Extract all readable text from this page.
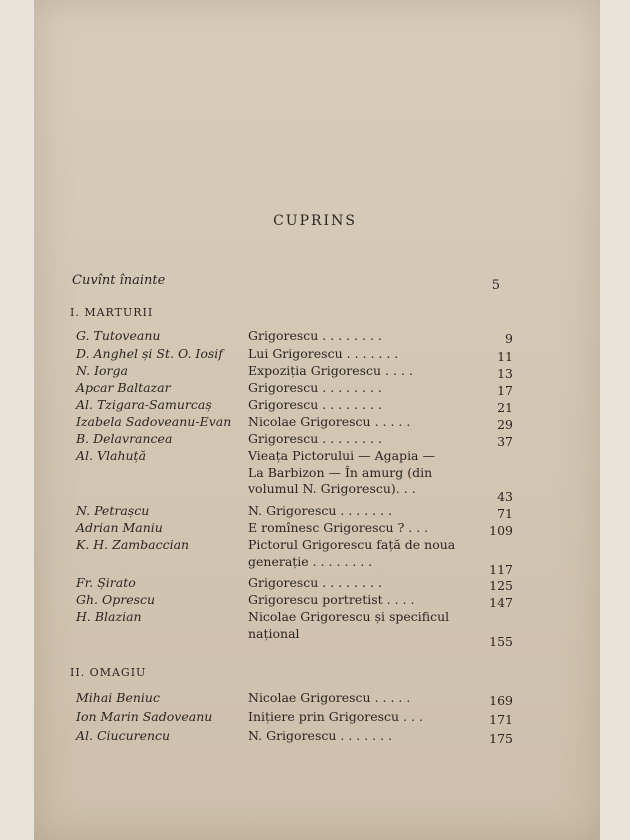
CUPRINS
Cuvînt înainte	5
I. MARTURII
II. OMAGIU
G. Tutoveanu	Grigorescu . . . . . . . .	9
D. Anghel și St. O. Iosif Lui Grigorescu . . . . . . .	11
N. Iorga	Expoziția Grigorescu . . . .	13
Apcar Baltazar	Grigorescu . . . . . . . .	17
Al. Tzigara-Samurcaș	Grigorescu . . . . . . . .	21
Izabela Sadoveanu-Evan Nicolae Grigorescu . . . . .	29
B. Delavrancea	Grigorescu . . . . . . . .	37
Al. Vlahuță	Vieața Pictorului — Agapia —
La Barbizon — În amurg (din
volumul N. Grigorescu). . .
43
N. Petrașcu	N. Grigorescu . . . . . . .	71
Adrian Maniu	E romînesc Grigorescu ? . . .	109
K. H. Zambaccian	Pictorul Grigorescu față de noua
generație . . . . . . . .
117
Fr. Șirato	Grigorescu . . . . . . . .	125
Gh. Oprescu	Grigorescu portretist . . . .	147
H. Blazian	Nicolae Grigorescu și specificul
național
155
Mihai Beniuc	Nicolae Grigorescu . . . . .	169
Ion Marin Sadoveanu	Inițiere prin Grigorescu . . .	171
Al. Ciucurencu	N. Grigorescu . . . . . . .	175
